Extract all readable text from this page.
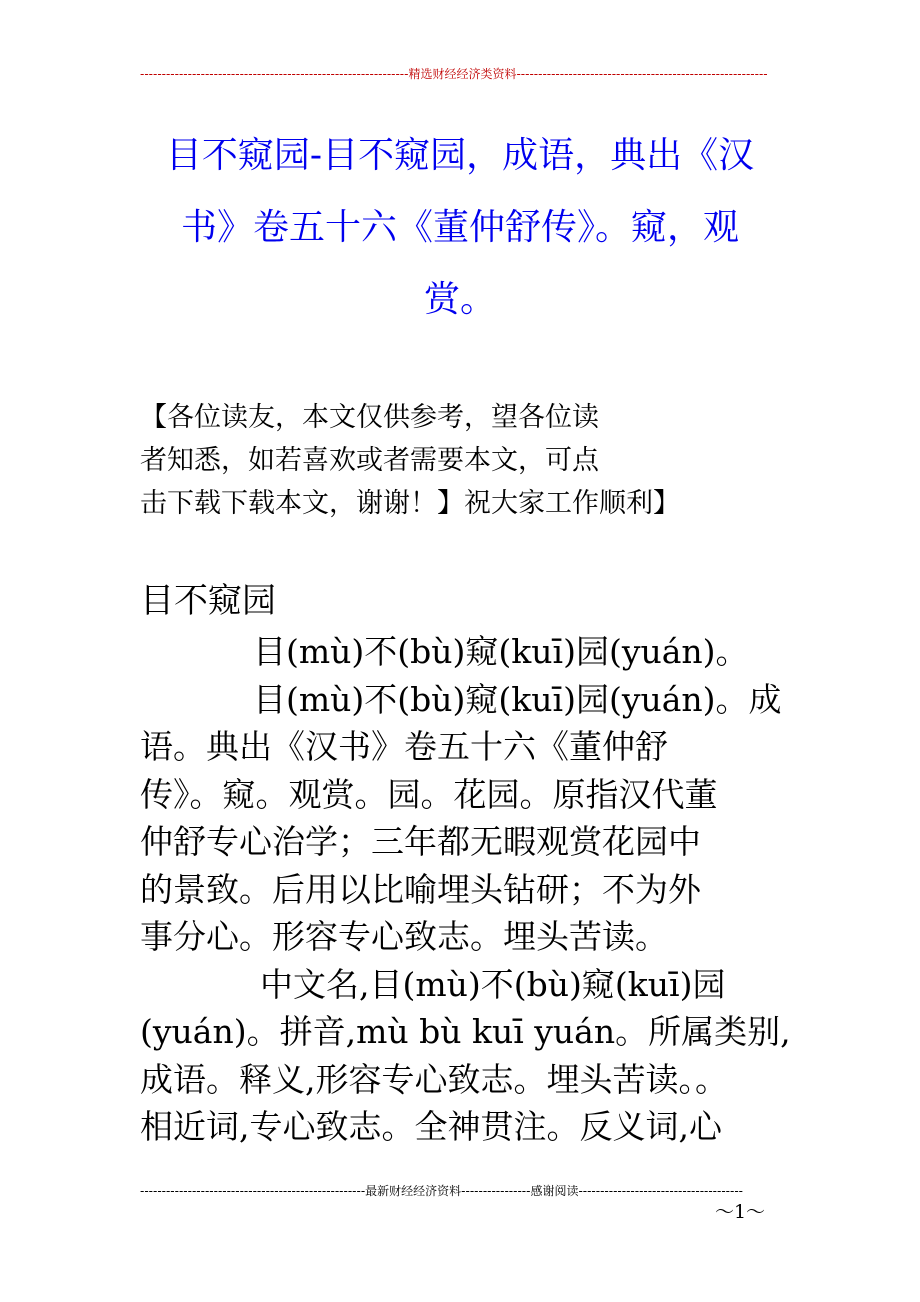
--------------------------------------------------------------精选财经经济类资料----------------------------------------------------------
目不窥园-目不窥园，成语，典出《汉
书》卷五十六《董仲舒传》。窥，观
赏。
【各位读友，本文仅供参考，望各位读
者知悉，如若喜欢或者需要本文，可点
击下载下载本文，谢谢！】祝大家工作顺利】
目不窥园
目(mù)不(bù)窥(kuī)园(yuán)。
目(mù)不(bù)窥(kuī)园(yuán)。成
语。典出《汉书》卷五十六《董仲舒
传》。窥。观赏。园。花园。原指汉代董
仲舒专心治学；三年都无暇观赏花园中
的景致。后用以比喻埋头钻研；不为外
事分心。形容专心致志。埋头苦读。
中文名,目(mù)不(bù)窥(kuī)园
(yuán)。拼音,mù bù kuī yuán。所属类别,
成语。释义,形容专心致志。埋头苦读。。
相近词,专心致志。全神贯注。反义词,心
----------------------------------------------------最新财经经济资料----------------感谢阅读--------------------------------------
～1～
